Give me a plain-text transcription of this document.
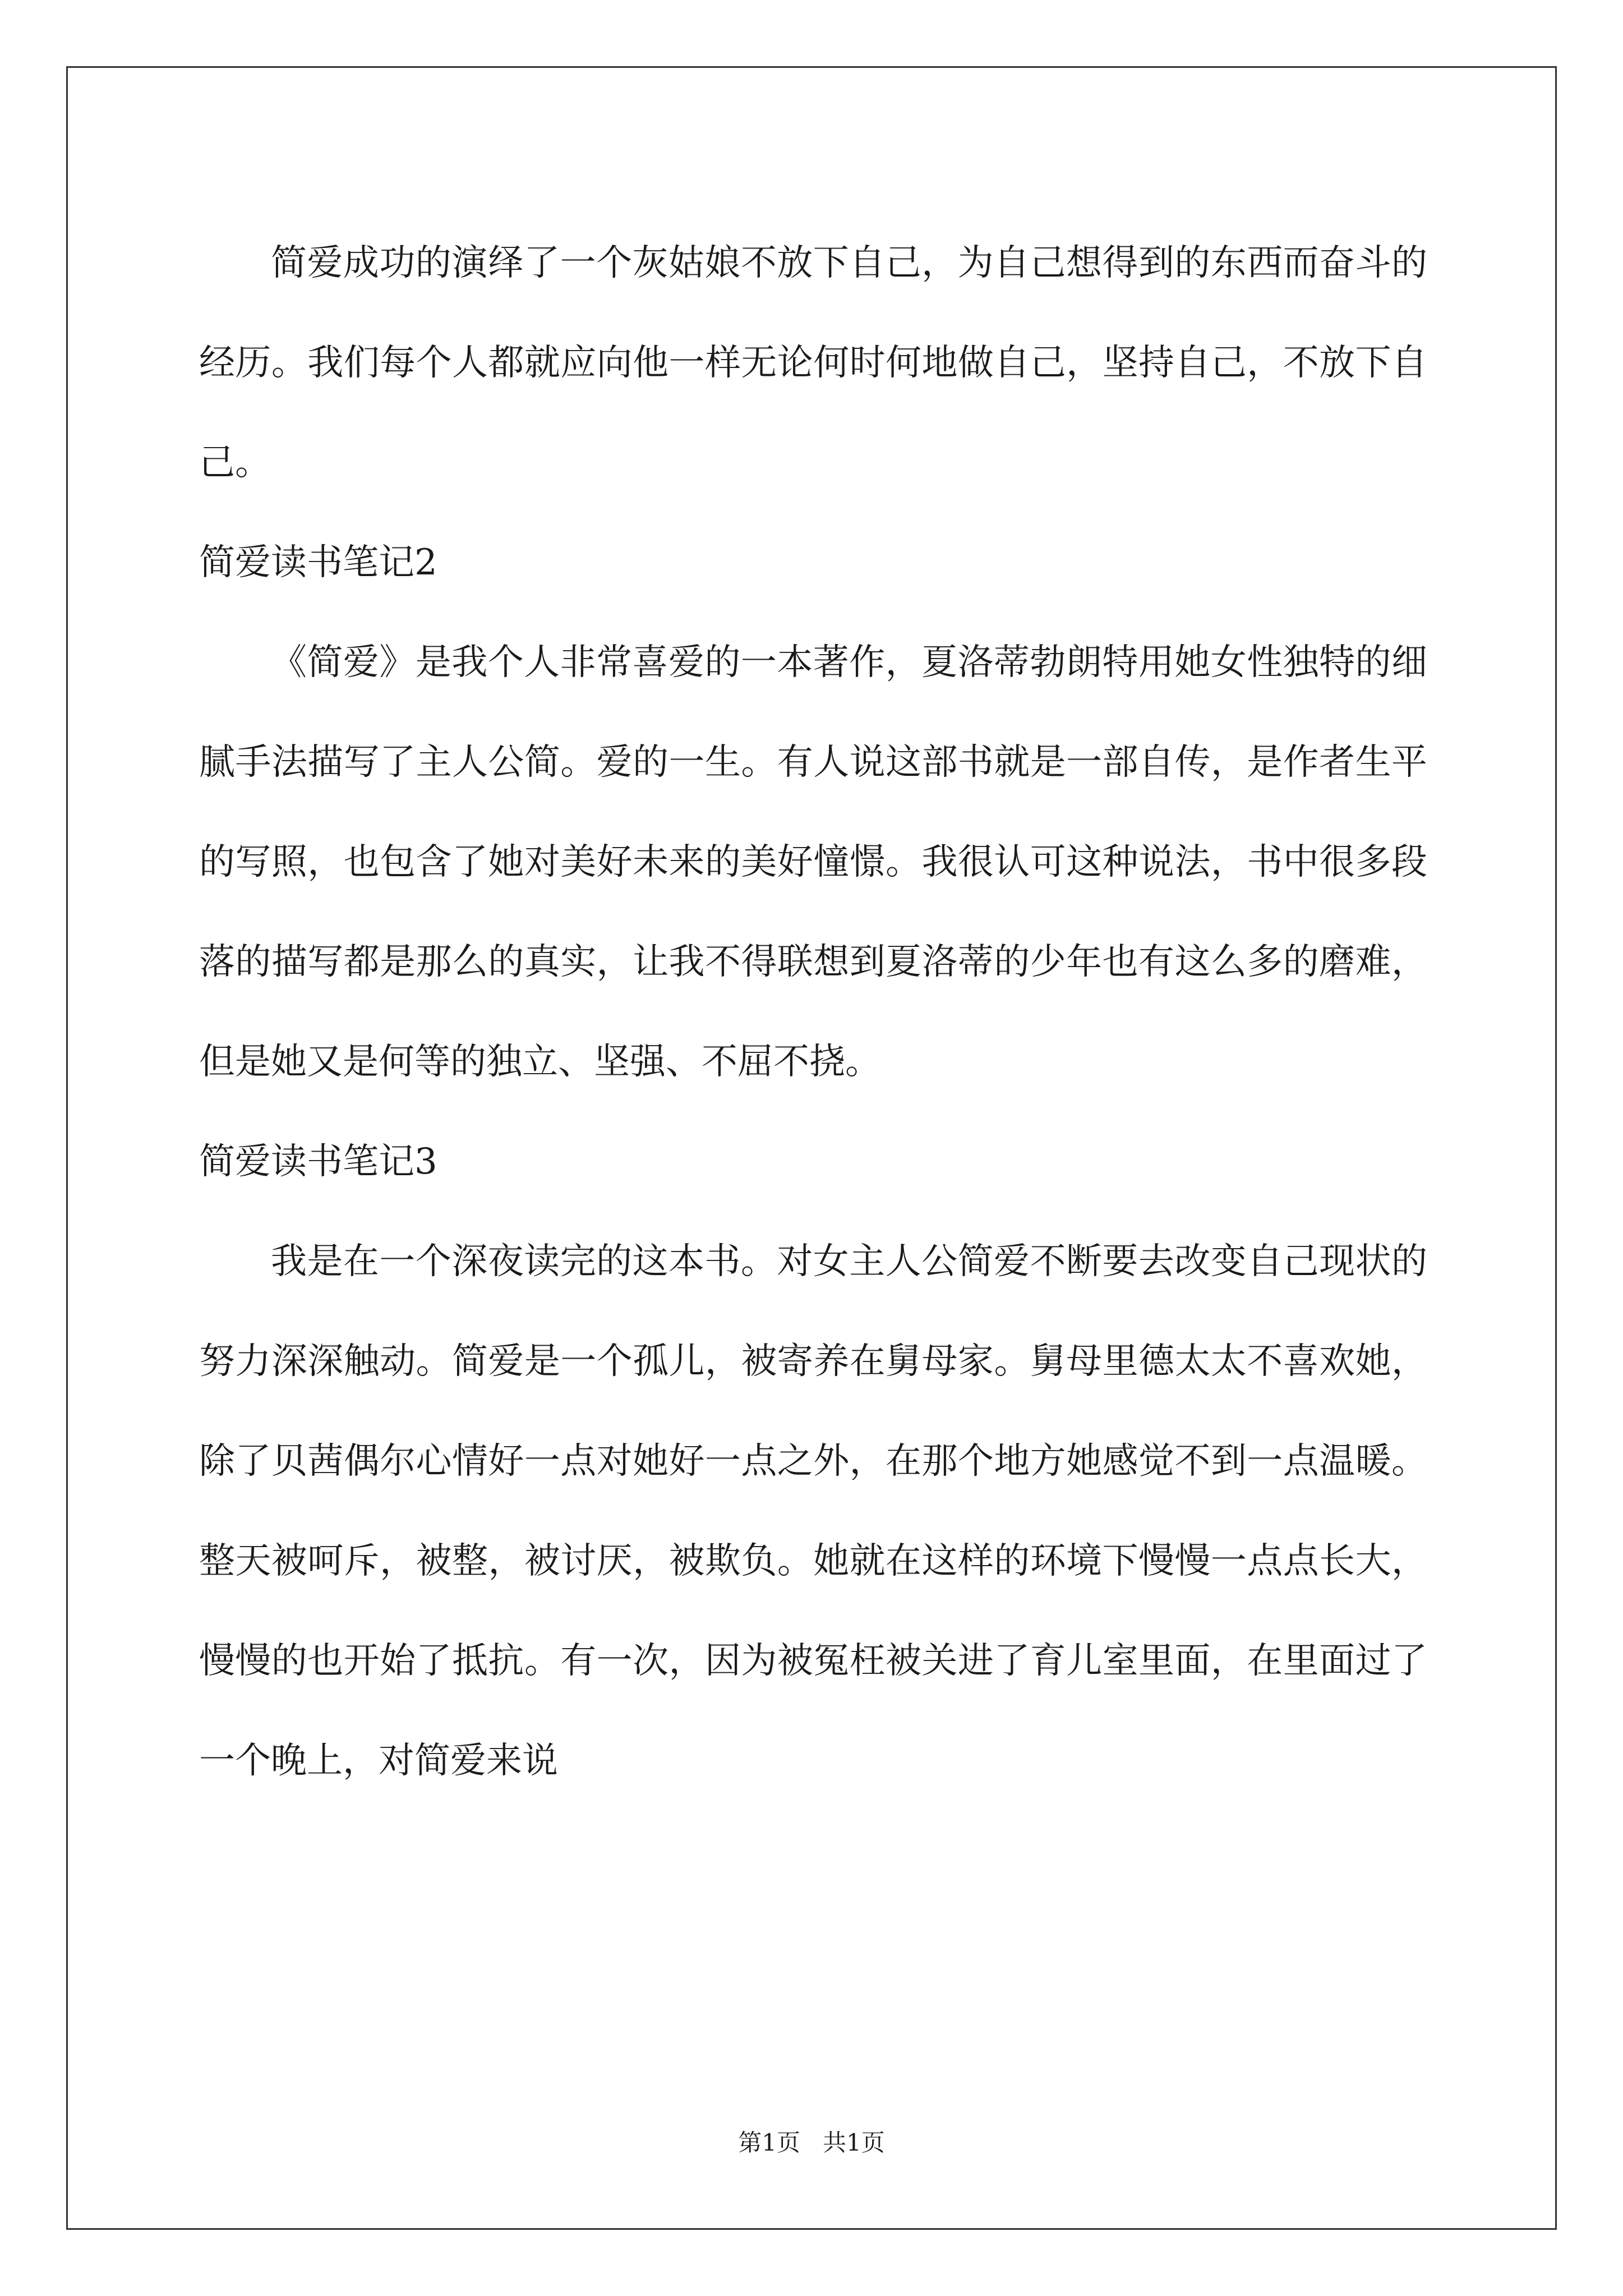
简爱成功的演绎了一个灰姑娘不放下自己，为自己想得到的东西而奋斗的经历。我们每个人都就应向他一样无论何时何地做自己，坚持自己，不放下自己。

简爱读书笔记2

《简爱》是我个人非常喜爱的一本著作，夏洛蒂勃朗特用她女性独特的细腻手法描写了主人公简。爱的一生。有人说这部书就是一部自传，是作者生平的写照，也包含了她对美好未来的美好憧憬。我很认可这种说法，书中很多段落的描写都是那么的真实，让我不得联想到夏洛蒂的少年也有这么多的磨难，但是她又是何等的独立、坚强、不屈不挠。

简爱读书笔记3

我是在一个深夜读完的这本书。对女主人公简爱不断要去改变自己现状的努力深深触动。简爱是一个孤儿，被寄养在舅母家。舅母里德太太不喜欢她，除了贝茜偶尔心情好一点对她好一点之外，在那个地方她感觉不到一点温暖。整天被呵斥，被整，被讨厌，被欺负。她就在这样的环境下慢慢一点点长大，慢慢的也开始了抵抗。有一次，因为被冤枉被关进了育儿室里面，在里面过了一个晚上，对简爱来说

第1页   共1页
